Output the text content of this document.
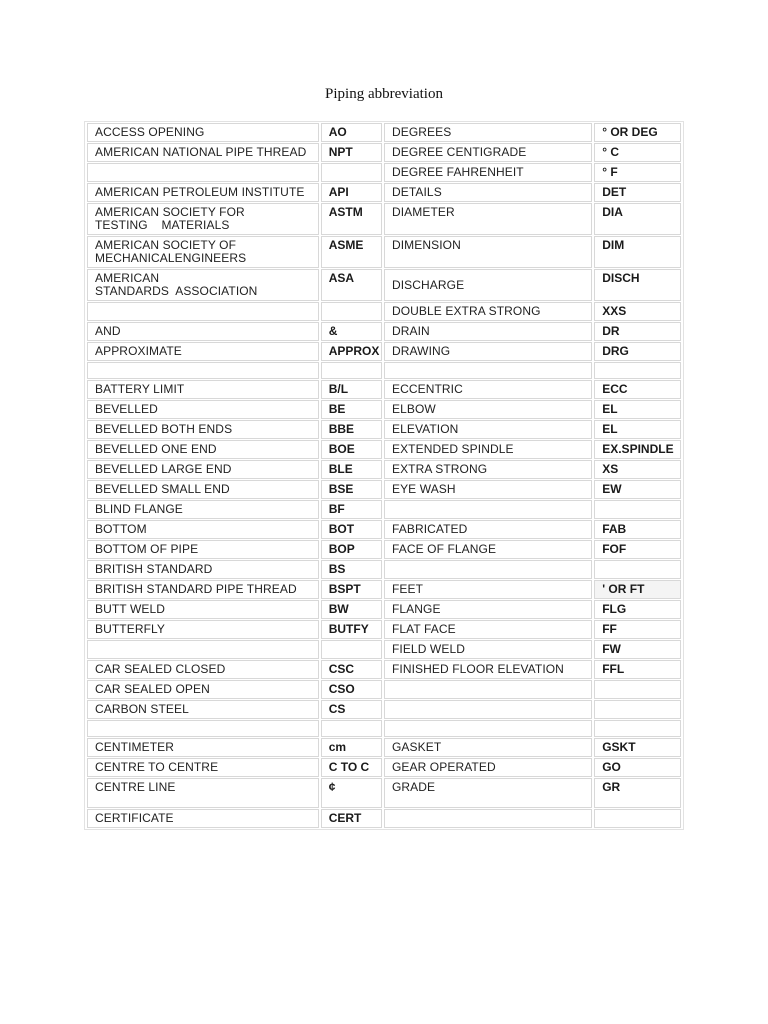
Piping abbreviation
ACCESS OPENING	AO	DEGREES	° OR DEG
AMERICAN NATIONAL PIPE THREAD	NPT	DEGREE CENTIGRADE	° C
		DEGREE FAHRENHEIT	° F
AMERICAN PETROLEUM INSTITUTE	API	DETAILS	DET
AMERICAN SOCIETY FOR
TESTING    MATERIALS	ASTM	DIAMETER	DIA
AMERICAN SOCIETY OF
MECHANICALENGINEERS	ASME	DIMENSION	DIM
AMERICAN
STANDARDS  ASSOCIATION	ASA	DISCHARGE	DISCH
		DOUBLE EXTRA STRONG	XXS
AND	&	DRAIN	DR
APPROXIMATE	APPROX	DRAWING	DRG

BATTERY LIMIT	B/L	ECCENTRIC	ECC
BEVELLED	BE	ELBOW	EL
BEVELLED BOTH ENDS	BBE	ELEVATION	EL
BEVELLED ONE END	BOE	EXTENDED SPINDLE	EX.SPINDLE
BEVELLED LARGE END	BLE	EXTRA STRONG	XS
BEVELLED SMALL END	BSE	EYE WASH	EW
BLIND FLANGE	BF		
BOTTOM	BOT	FABRICATED	FAB
BOTTOM OF PIPE	BOP	FACE OF FLANGE	FOF
BRITISH STANDARD	BS		
BRITISH STANDARD PIPE THREAD	BSPT	FEET	' OR FT
BUTT WELD	BW	FLANGE	FLG
BUTTERFLY	BUTFY	FLAT FACE	FF
		FIELD WELD	FW
CAR SEALED CLOSED	CSC	FINISHED FLOOR ELEVATION	FFL
CAR SEALED OPEN	CSO		
CARBON STEEL	CS		

CENTIMETER	cm	GASKET	GSKT
CENTRE TO CENTRE	C TO C	GEAR OPERATED	GO
CENTRE LINE	¢	GRADE	GR
CERTIFICATE	CERT		
